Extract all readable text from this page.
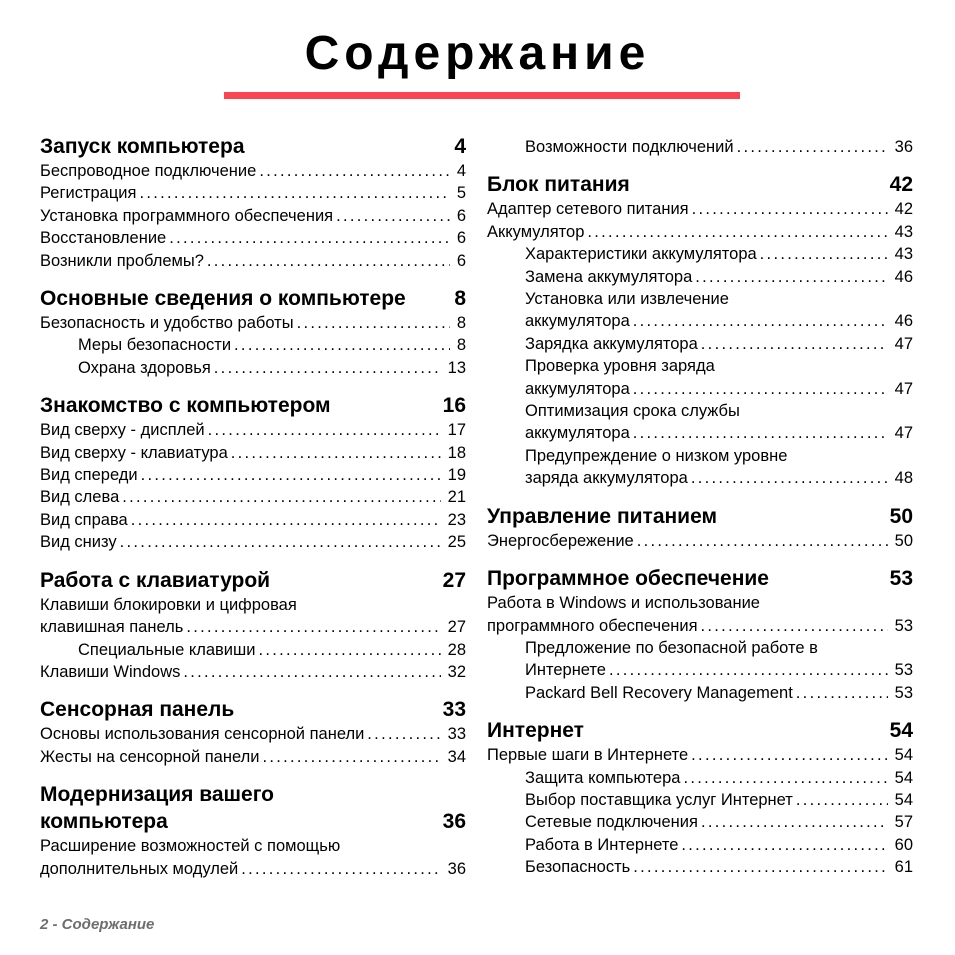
Содержание
Запуск компьютера	4
Беспроводное подключение .....	4
Регистрация .....	5
Установка программного обеспечения .....	6
Восстановление .....	6
Возникли проблемы? .....	6
Основные сведения о компьютере 8
Безопасность и удобство работы .....	8
Меры безопасности .....	8
Охрана здоровья .....	13
Знакомство с компьютером	16
Вид сверху - дисплей .....	17
Вид сверху - клавиатура .....	18
Вид спереди .....	19
Вид слева .....	21
Вид справа .....	23
Вид снизу .....	25
Работа с клавиатурой	27
Клавиши блокировки и цифровая
клавишная панель .....	27
Специальные клавиши .....	28
Клавиши Windows .....	32
Сенсорная панель	33
Основы использования сенсорной панели .....	33
Жесты на сенсорной панели .....	34
Модернизация вашего
компьютера	36
Расширение возможностей с помощью
дополнительных модулей .....	36
Возможности подключений .....	36
Блок питания	42
Адаптер сетевого питания .....	42
Аккумулятор .....	43
Характеристики аккумулятора .....	43
Замена аккумулятора .....	46
Установка или извлечение
аккумулятора .....	46
Зарядка аккумулятора .....	47
Проверка уровня заряда
аккумулятора .....	47
Оптимизация срока службы
аккумулятора .....	47
Предупреждение о низком уровне
заряда аккумулятора .....	48
Управление питанием	50
Энергосбережение .....	50
Программное обеспечение	53
Работа в Windows и использование
программного обеспечения .....	53
Предложение по безопасной работе в
Интернете .....	53
Packard Bell Recovery Management .....	53
Интернет	54
Первые шаги в Интернете .....	54
Защита компьютера .....	54
Выбор поставщика услуг Интернет .....	54
Сетевые подключения .....	57
Работа в Интернете .....	60
Безопасность .....	61
2 - Содержание
